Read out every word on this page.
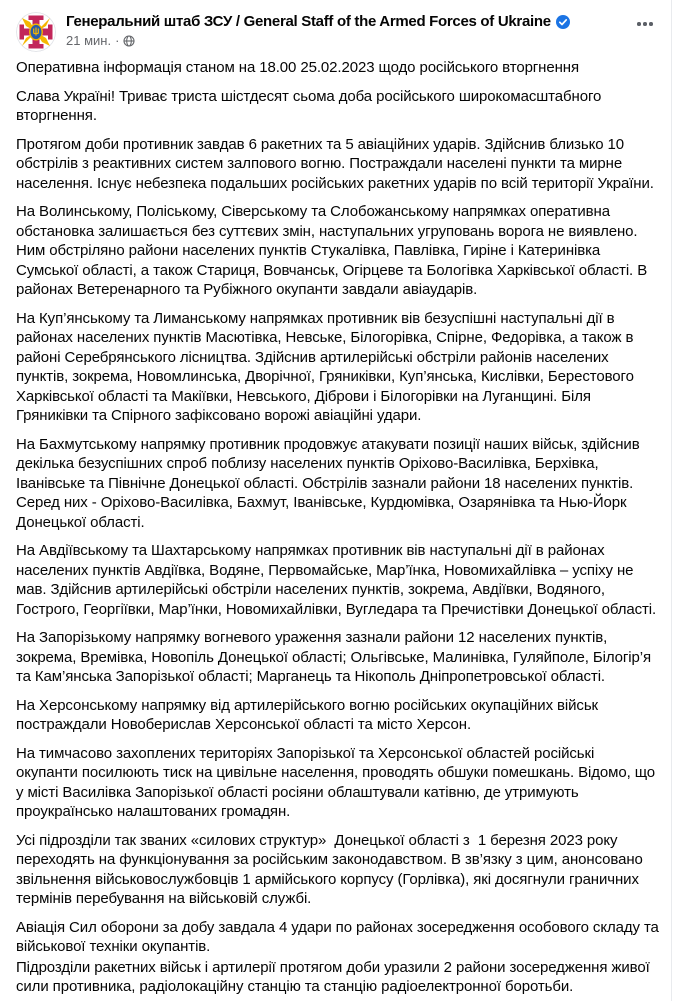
Генеральний штаб ЗСУ / General Staff of the Armed Forces of Ukraine
21 мин. ·

Оперативна інформація станом на 18.00 25.02.2023 щодо російського вторгнення

Слава Україні! Триває триста шістдесят сьома доба російського широкомасштабного вторгнення.

Протягом доби противник завдав 6 ракетних та 5 авіаційних ударів. Здійснив близько 10 обстрілів з реактивних систем залпового вогню. Постраждали населені пункти та мирне населення. Існує небезпека подальших російських ракетних ударів по всій території України.

На Волинському, Поліському, Сіверському та Слобожанському напрямках оперативна обстановка залишається без суттєвих змін, наступальних угруповань ворога не виявлено. Ним обстріляно райони населених пунктів Стукалівка, Павлівка, Гиріне і Катеринівка Сумської області, а також Стариця, Вовчанськ, Огірцеве та Бологівка Харківської області. В районах Ветеренарного та Рубіжного окупанти завдали авіаударів.

На Куп’янському та Лиманському напрямках противник вів безуспішні наступальні дії в районах населених пунктів Масютівка, Невське, Білогорівка, Спірне, Федорівка, а також в районі Серебрянського лісництва. Здійснив артилерійські обстріли районів населених пунктів, зокрема, Новомлинська, Дворічної, Гряниківки, Куп’янська, Кислівки, Берестового Харківської області та Макіївки, Невського, Діброви і Білогорівки на Луганщині. Біля Гряниківки та Спірного зафіксовано ворожі авіаційні удари.

На Бахмутському напрямку противник продовжує атакувати позиції наших військ, здійснив декілька безуспішних спроб поблизу населених пунктів Оріхово-Василівка, Берхівка, Іванівське та Північне Донецької області. Обстрілів зазнали райони 18 населених пунктів. Серед них - Оріхово-Василівка, Бахмут, Іванівське, Курдюмівка, Озарянівка та Нью-Йорк Донецької області.

На Авдіївському та Шахтарському напрямках противник вів наступальні дії в районах населених пунктів Авдіївка, Водяне, Первомайське, Мар’їнка, Новомихайлівка – успіху не мав. Здійснив артилерійські обстріли населених пунктів, зокрема, Авдіївки, Водяного, Гострого, Георгіївки, Мар’їнки, Новомихайлівки, Вугледара та Пречистівки Донецької області.

На Запорізькому напрямку вогневого ураження зазнали райони 12 населених пунктів, зокрема, Времівка, Новопіль Донецької області; Ольгівське, Малинівка, Гуляйполе, Білогір’я та Кам’янська Запорізької області; Марганець та Нікополь Дніпропетровської області.

На Херсонському напрямку від артилерійського вогню російських окупаційних військ постраждали Новоберислав Херсонської області та місто Херсон.

На тимчасово захоплених територіях Запорізької та Херсонської областей російські окупанти посилюють тиск на цивільне населення, проводять обшуки помешкань. Відомо, що у місті Василівка Запорізької області росіяни облаштували катівню, де утримують проукраїнсько налаштованих громадян.

Усі підрозділи так званих «силових структур»  Донецької області з  1 березня 2023 року переходять на функціонування за російським законодавством. В зв’язку з цим, анонсовано звільнення військовослужбовців 1 армійського корпусу (Горлівка), які досягнули граничних термінів перебування на військовій службі.

Авіація Сил оборони за добу завдала 4 удари по районах зосередження особового складу та військової техніки окупантів.

Підрозділи ракетних військ і артилерії протягом доби уразили 2 райони зосередження живої сили противника, радіолокаційну станцію та станцію радіоелектронної боротьби.
